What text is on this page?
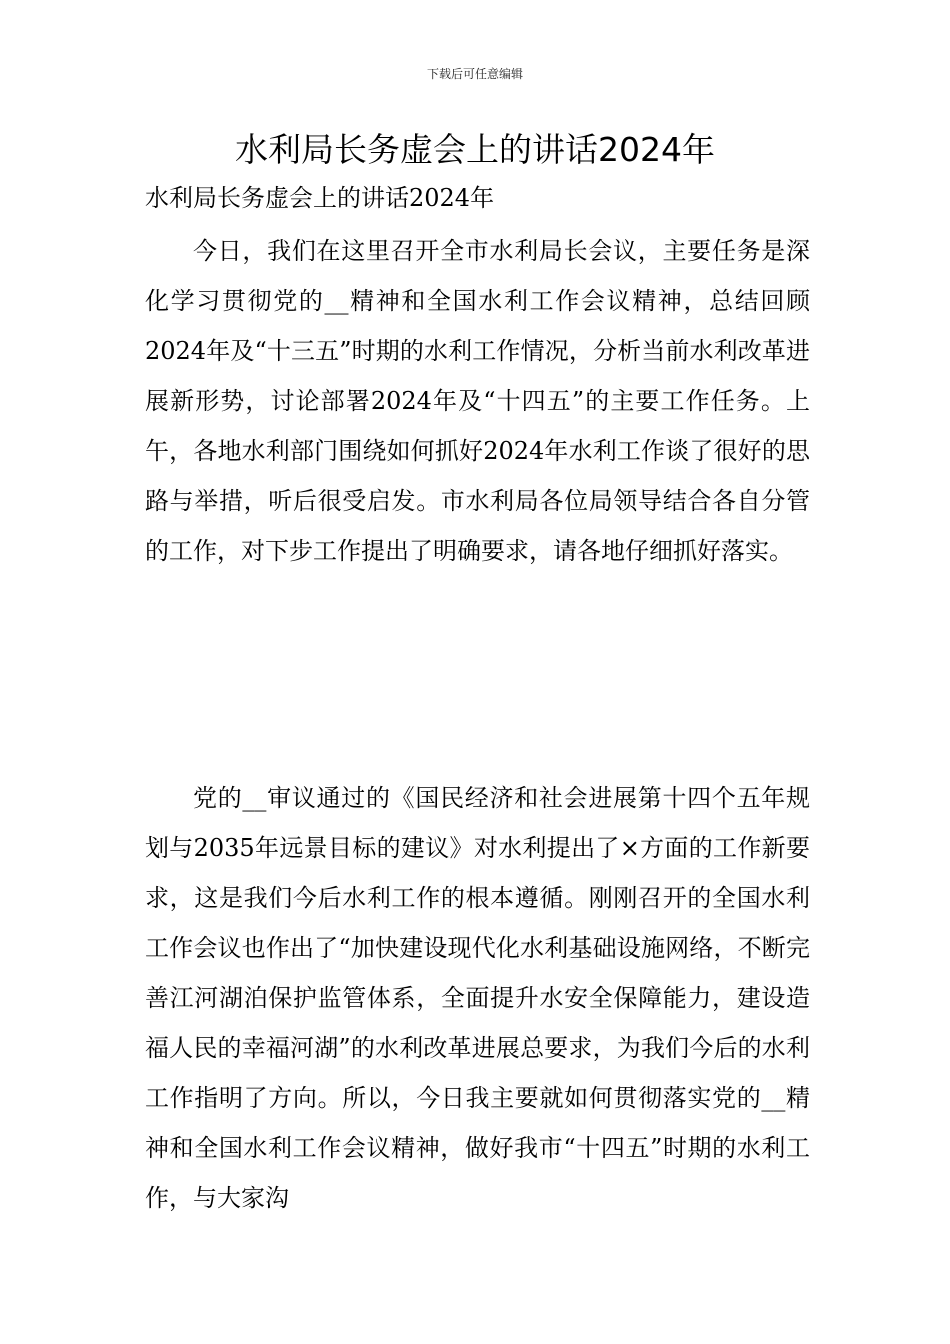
下载后可任意编辑
水利局长务虚会上的讲话2024年

水利局长务虚会上的讲话2024年

今日，我们在这里召开全市水利局长会议，主要任务是深化学习贯彻党的__精神和全国水利工作会议精神，总结回顾2024年及“十三五”时期的水利工作情况，分析当前水利改革进展新形势，讨论部署2024年及“十四五”的主要工作任务。上午，各地水利部门围绕如何抓好2024年水利工作谈了很好的思路与举措，听后很受启发。市水利局各位局领导结合各自分管的工作，对下步工作提出了明确要求，请各地仔细抓好落实。

党的__审议通过的《国民经济和社会进展第十四个五年规划与2035年远景目标的建议》对水利提出了×方面的工作新要求，这是我们今后水利工作的根本遵循。刚刚召开的全国水利工作会议也作出了“加快建设现代化水利基础设施网络，不断完善江河湖泊保护监管体系，全面提升水安全保障能力，建设造福人民的幸福河湖”的水利改革进展总要求，为我们今后的水利工作指明了方向。所以，今日我主要就如何贯彻落实党的__精神和全国水利工作会议精神，做好我市“十四五”时期的水利工作，与大家沟
